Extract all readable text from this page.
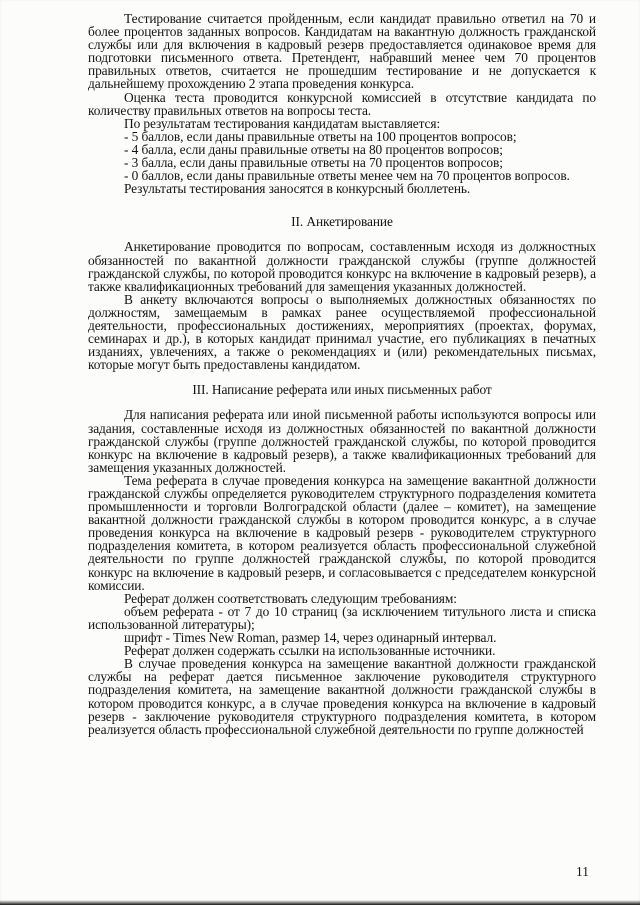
Тестирование считается пройденным, если кандидат правильно ответил на 70 и более процентов заданных вопросов. Кандидатам на вакантную должность гражданской службы или для включения в кадровый резерв предоставляется одинаковое время для подготовки письменного ответа. Претендент, набравший менее чем 70 процентов правильных ответов, считается не прошедшим тестирование и не допускается к дальнейшему прохождению 2 этапа проведения конкурса.

Оценка теста проводится конкурсной комиссией в отсутствие кандидата по количеству правильных ответов на вопросы теста.

По результатам тестирования кандидатам выставляется:

- 5 баллов, если даны правильные ответы на 100 процентов вопросов;

- 4 балла, если даны правильные ответы на 80 процентов вопросов;

- 3 балла, если даны правильные ответы на 70 процентов вопросов;

- 0 баллов, если даны правильные ответы менее чем на 70 процентов вопросов.

Результаты тестирования заносятся в конкурсный бюллетень.

II. Анкетирование

Анкетирование проводится по вопросам, составленным исходя из должностных обязанностей по вакантной должности гражданской службы (группе должностей гражданской службы, по которой проводится конкурс на включение в кадровый резерв), а также квалификационных требований для замещения указанных должностей.

В анкету включаются вопросы о выполняемых должностных обязанностях по должностям, замещаемым в рамках ранее осуществляемой профессиональной деятельности, профессиональных достижениях, мероприятиях (проектах, форумах, семинарах и др.), в которых кандидат принимал участие, его публикациях в печатных изданиях, увлечениях, а также о рекомендациях и (или) рекомендательных письмах, которые могут быть предоставлены кандидатом.

III. Написание реферата или иных письменных работ

Для написания реферата или иной письменной работы используются вопросы или задания, составленные исходя из должностных обязанностей по вакантной должности гражданской службы (группе должностей гражданской службы, по которой проводится конкурс на включение в кадровый резерв), а также квалификационных требований для замещения указанных должностей.

Тема реферата в случае проведения конкурса на замещение вакантной должности гражданской службы определяется руководителем структурного подразделения комитета промышленности и торговли Волгоградской области (далее – комитет), на замещение вакантной должности гражданской службы в котором проводится конкурс, а в случае проведения конкурса на включение в кадровый резерв - руководителем структурного подразделения комитета, в котором реализуется область профессиональной служебной деятельности по группе должностей гражданской службы, по которой проводится конкурс на включение в кадровый резерв, и согласовывается с председателем конкурсной комиссии.

Реферат должен соответствовать следующим требованиям:

объем реферата - от 7 до 10 страниц (за исключением титульного листа и списка использованной литературы);

шрифт - Times New Roman, размер 14, через одинарный интервал.

Реферат должен содержать ссылки на использованные источники.

В случае проведения конкурса на замещение вакантной должности гражданской службы на реферат дается письменное заключение руководителя структурного подразделения комитета, на замещение вакантной должности гражданской службы в котором проводится конкурс, а в случае проведения конкурса на включение в кадровый резерв - заключение руководителя структурного подразделения комитета, в котором реализуется область профессиональной служебной деятельности по группе должностей

11
